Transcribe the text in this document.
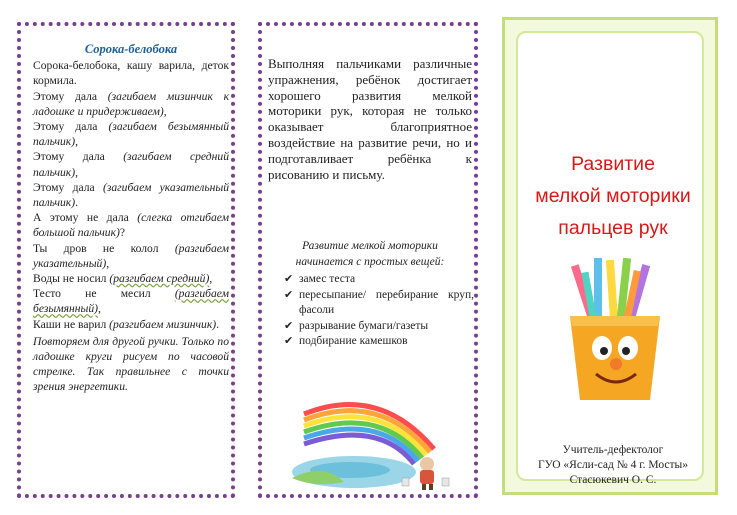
Сорока-белобока

Сорока-белобока, кашу варила, деток кормила.

Этому дала (загибаем мизинчик к ладошке и придерживаем),

Этому дала (загибаем безымянный пальчик),

Этому дала (загибаем средний пальчик),

Этому дала (загибаем указательный пальчик).

А этому не дала (слегка отгибаем большой пальчик)?

Ты дров не колол (разгибаем указательный),

Воды не носил (разгибаем средний),

Тесто не месил (разгибаем безымянный),

Каши не варил (разгибаем мизинчик).

Повторяем для другой ручки. Только по ладошке круги рисуем по часовой стрелке. Так правильнее с точки зрения энергетики.

Выполняя пальчиками различные упражнения, ребёнок достигает хорошего развития мелкой моторики рук, которая не только оказывает благоприятное воздействие на развитие речи, но и подготавливает ребёнка к рисованию и письму.
Развитие мелкой моторики
начинается с простых вещей:
✔ замес теста
✔ пересыпание/ перебирание круп, фасоли
✔ разрывание бумаги/газеты
✔ подбирание камешков
Развитие
мелкой моторики
пальцев рук
Учитель-дефектолог
ГУО «Ясли-сад № 4 г. Мосты»
Стасюкевич О. С.
